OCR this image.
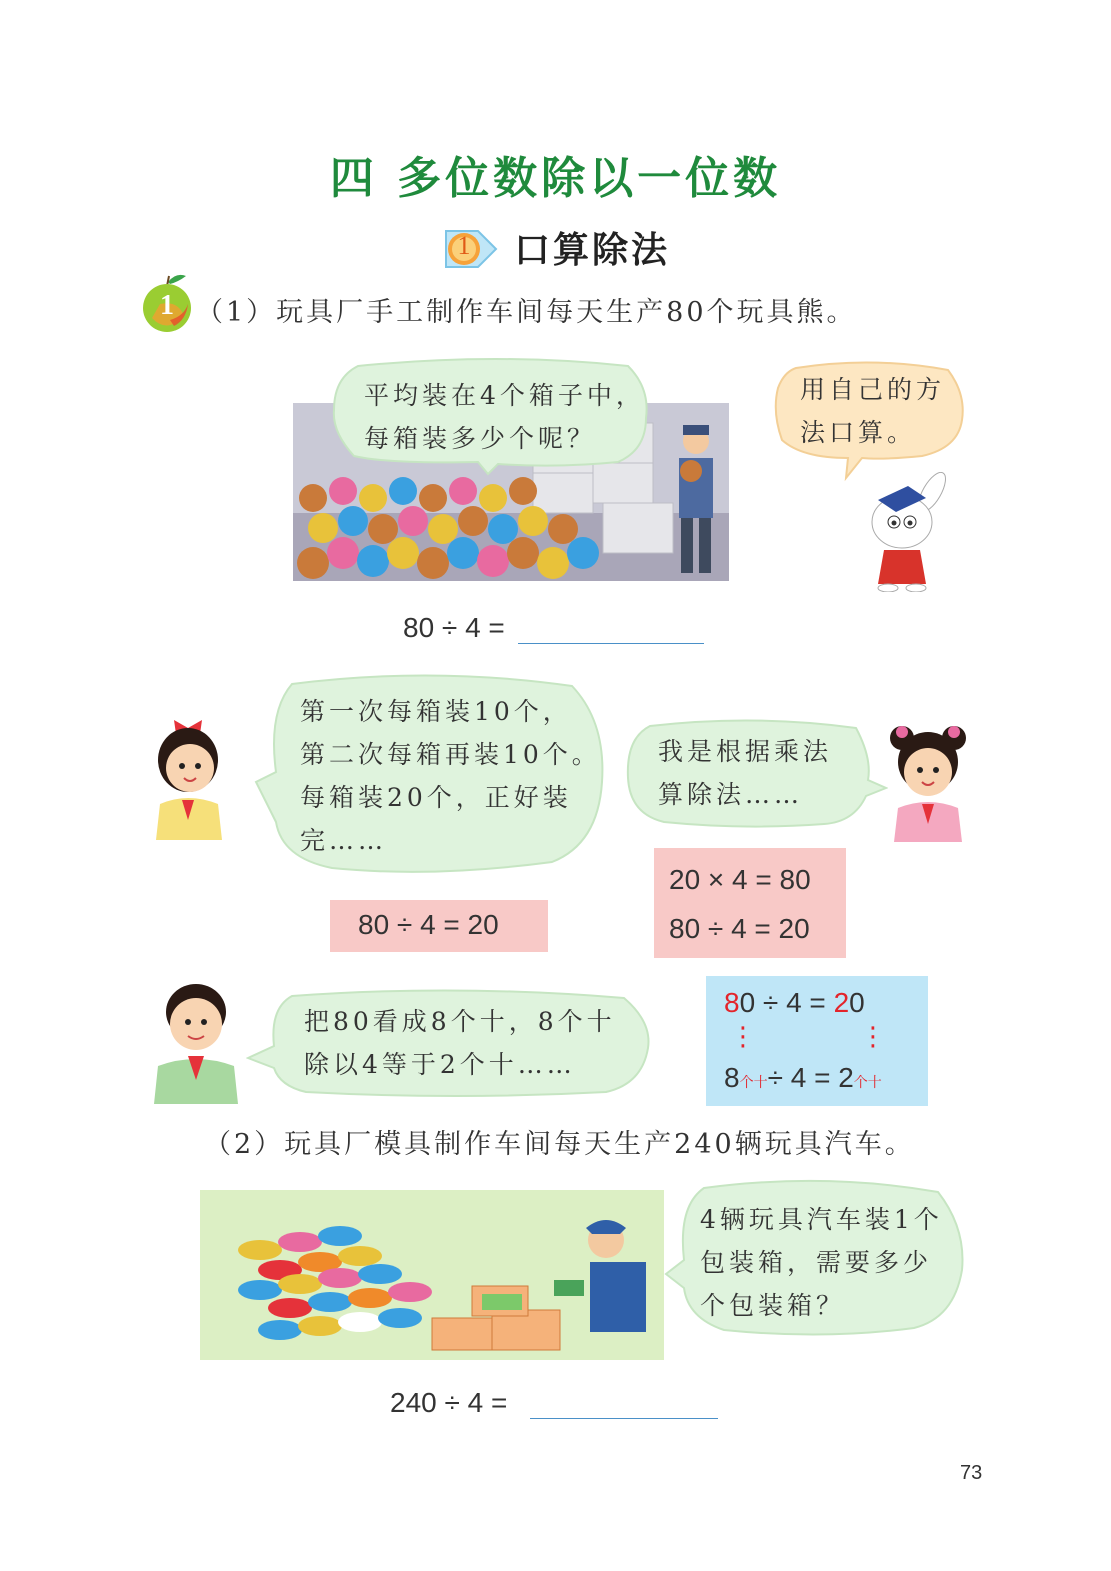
四 多位数除以一位数
1 口算除法
1 （1）玩具厂手工制作车间每天生产80个玩具熊。
平均装在4个箱子中，
每箱装多少个呢？
用自己的方
法口算。
80 ÷ 4 =
第一次每箱装10个，
第二次每箱再装10个。
每箱装20个，正好装
完……
80 ÷ 4 = 20
我是根据乘法
算除法……
20 × 4 = 80
80 ÷ 4 = 20
把80看成8个十，8个十
除以4等于2个十……
80 ÷ 4 = 20
⋮	⋮
8个十÷ 4 = 2个十
（2）玩具厂模具制作车间每天生产240辆玩具汽车。
4辆玩具汽车装1个
包装箱，需要多少
个包装箱？
240 ÷ 4 =
73
